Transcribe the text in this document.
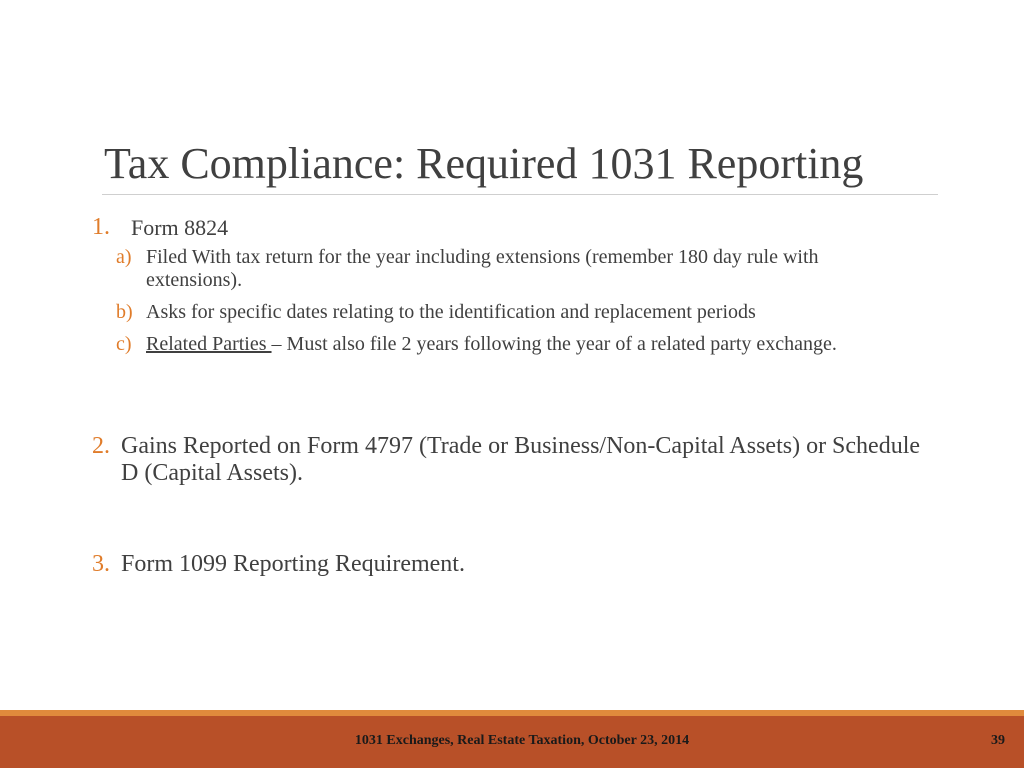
Tax Compliance: Required 1031 Reporting
1. Form 8824
a) Filed With tax return for the year including extensions (remember 180 day rule with extensions).
b) Asks for specific dates relating to the identification and replacement periods
c) Related Parties – Must also file 2 years following the year of a related party exchange.
2. Gains Reported on Form 4797 (Trade or Business/Non-Capital Assets) or Schedule D (Capital Assets).
3. Form 1099 Reporting Requirement.
1031 Exchanges, Real Estate Taxation, October 23, 2014	39
